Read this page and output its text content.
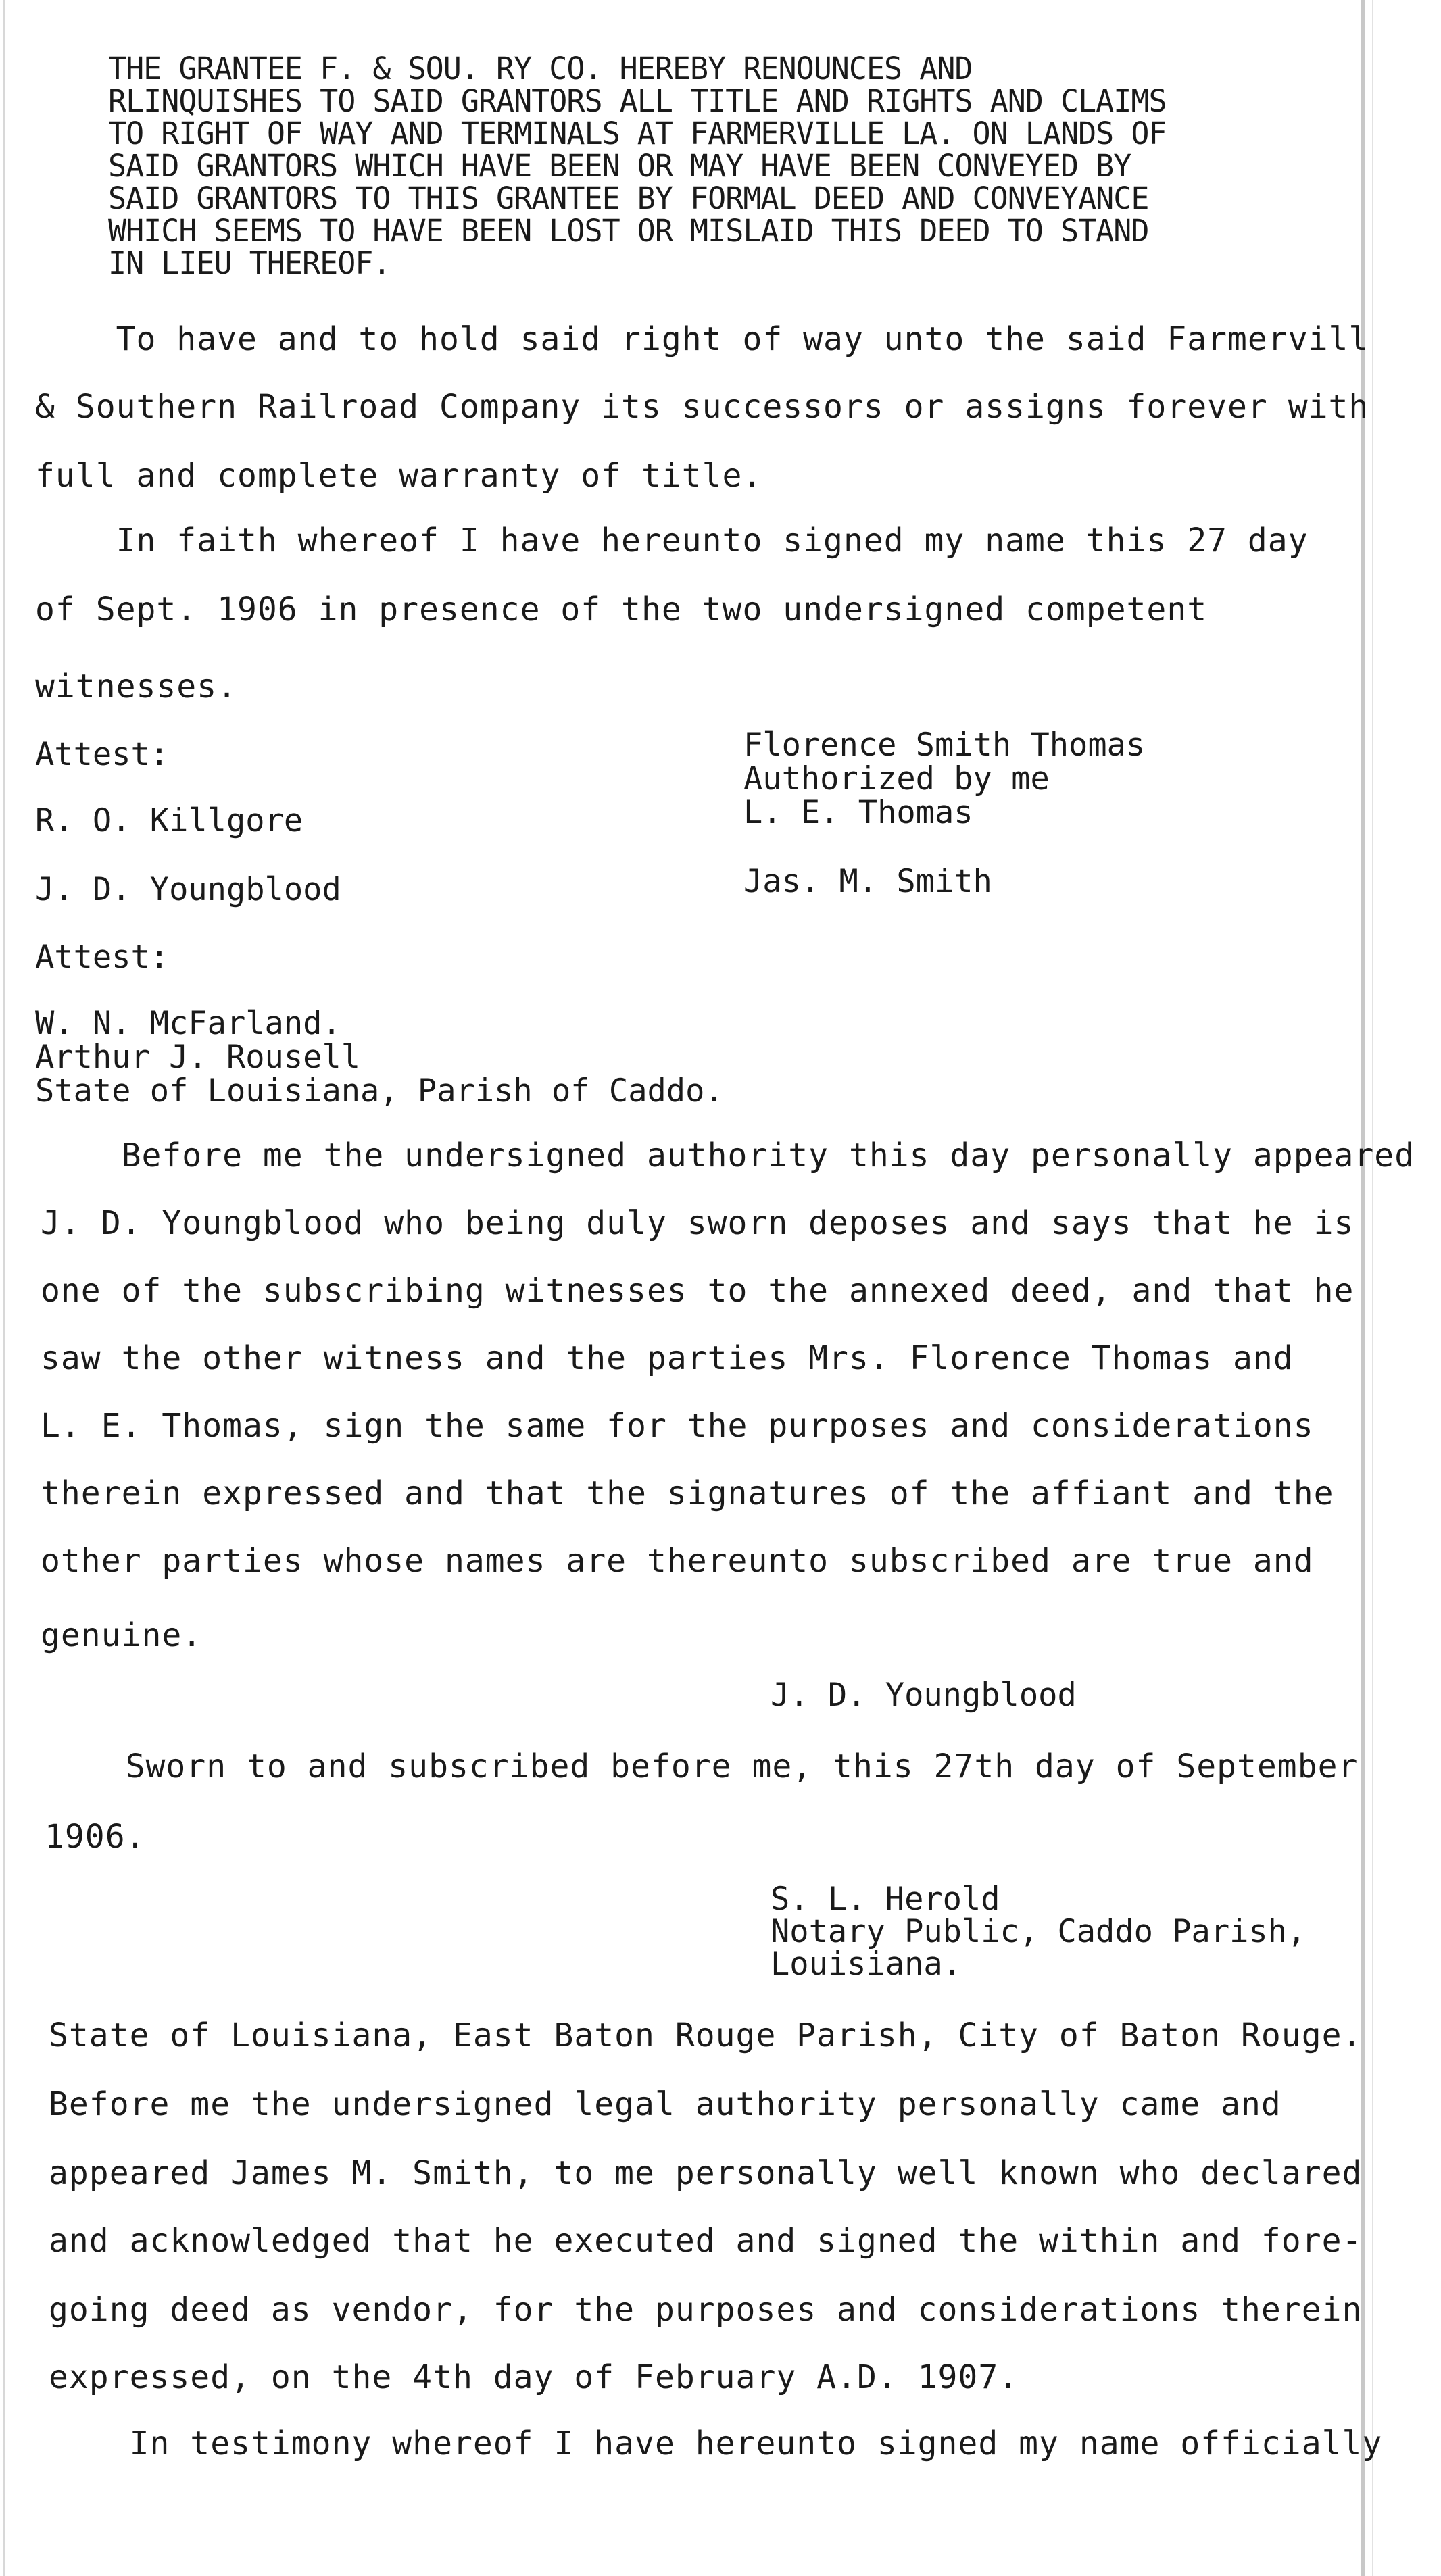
THE GRANTEE F. & SOU. RY CO. HEREBY RENOUNCES AND

RLINQUISHES TO SAID GRANTORS ALL TITLE AND RIGHTS AND CLAIMS

TO RIGHT OF WAY AND TERMINALS AT FARMERVILLE LA. ON LANDS OF

SAID GRANTORS WHICH HAVE BEEN OR MAY HAVE BEEN CONVEYED BY

SAID GRANTORS TO THIS GRANTEE BY FORMAL DEED AND CONVEYANCE

WHICH SEEMS TO HAVE BEEN LOST OR MISLAID THIS DEED TO STAND

IN LIEU THEREOF.

To have and to hold said right of way unto the said Farmervill

& Southern Railroad Company its successors or assigns forever with

full and complete warranty of title.

In faith whereof I have hereunto signed my name this 27 day

of Sept. 1906 in presence of the two undersigned competent

witnesses.

Attest:

R. O. Killgore

J. D. Youngblood

Florence Smith Thomas

Authorized by me

L. E. Thomas

Jas. M. Smith

Attest:

W. N. McFarland.

Arthur J. Rousell

State of Louisiana, Parish of Caddo.

Before me the undersigned authority this day personally appeared

J. D. Youngblood who being duly sworn deposes and says that he is

one of the subscribing witnesses to the annexed deed, and that he

saw the other witness and the parties Mrs. Florence Thomas and

L. E. Thomas, sign the same for the purposes and considerations

therein expressed and that the signatures of the affiant and the

other parties whose names are thereunto subscribed are true and

genuine.

J. D. Youngblood

Sworn to and subscribed before me, this 27th day of September

1906.

S. L. Herold

Notary Public, Caddo Parish,

Louisiana.

State of Louisiana, East Baton Rouge Parish, City of Baton Rouge.

Before me the undersigned legal authority personally came and

appeared James M. Smith, to me personally well known who declared

and acknowledged that he executed and signed the within and fore-

going deed as vendor, for the purposes and considerations therein

expressed, on the 4th day of February A.D. 1907.

In testimony whereof I have hereunto signed my name officially
